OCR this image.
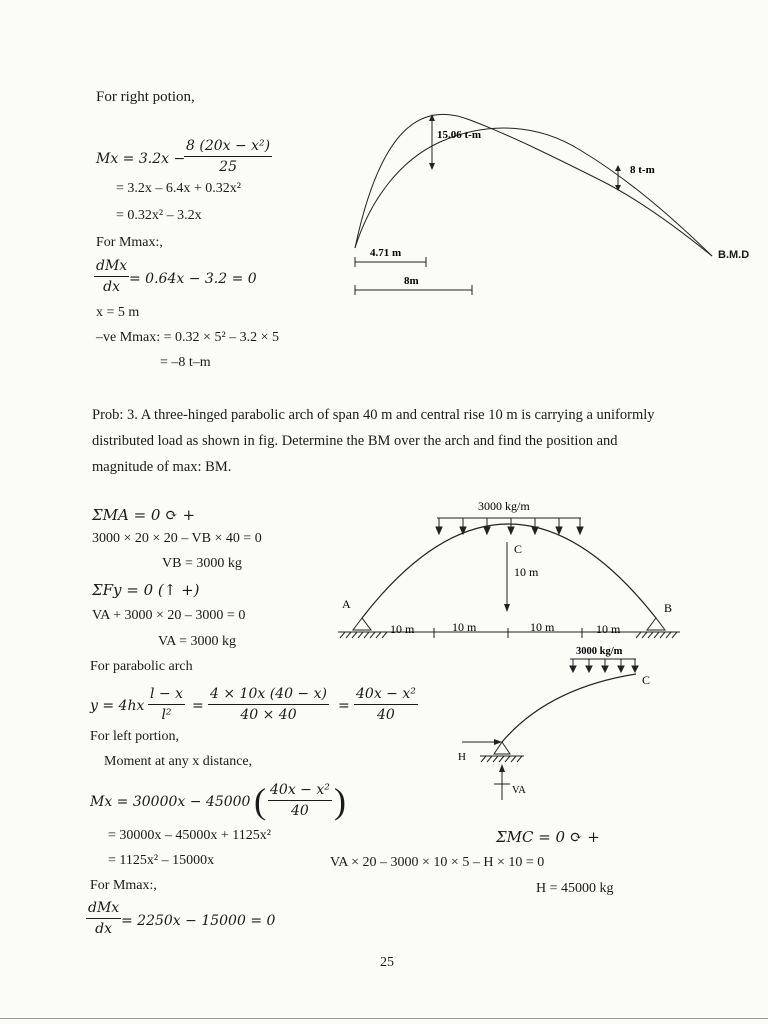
For right potion,
Mx = 3.2x −
$\frac{\text{8 (20x − x²)}}{25}$
= 3.2x – 6.4x + 0.32x²
= 0.32x² – 3.2x
For Mmax:,
dMx
dx = 0.64x − 3.2 = 0
x = 5 m
–ve Mmax: = 0.32 × 5² – 3.2 × 5
= –8 t–m
15.06 t-m
8 t-m
4.71 m
8m
B.M.D
Prob: 3. A three-hinged parabolic arch of span 40 m and central rise 10 m is carrying a uniformly distributed load as shown in fig. Determine the BM over the arch and find the position and magnitude of max: BM.
ΣMA = 0 ⟳ +
3000 × 20 × 20 – VB × 40 = 0
VB = 3000 kg
ΣFy = 0 (↑ +)
VA + 3000 × 20 – 3000 = 0
VA = 3000 kg
For parabolic arch
$y = 4hx \frac{l - x}{\text{l²}} = \frac{4 \times 10x (40 - x)}{40 \times 40} = \frac{\text{40x − x²}}{40}$
For left portion,
Moment at any x distance,
Mx = 30000x − 45000 ( $\frac{\text{40x − x²}}{40}$ )
= 30000x – 45000x + 1125x²
= 1125x² – 15000x
For Mmax:,
dMx
dx = 2250x − 15000 = 0
ΣMC = 0 ⟳ +
VA × 20 – 3000 × 10 × 5 – H × 10 = 0
H = 45000 kg
3000 kg/m
C
10 m
A	B
10 m	10 m	10 m	10 m
3000 kg/m
C
H
VA
25
